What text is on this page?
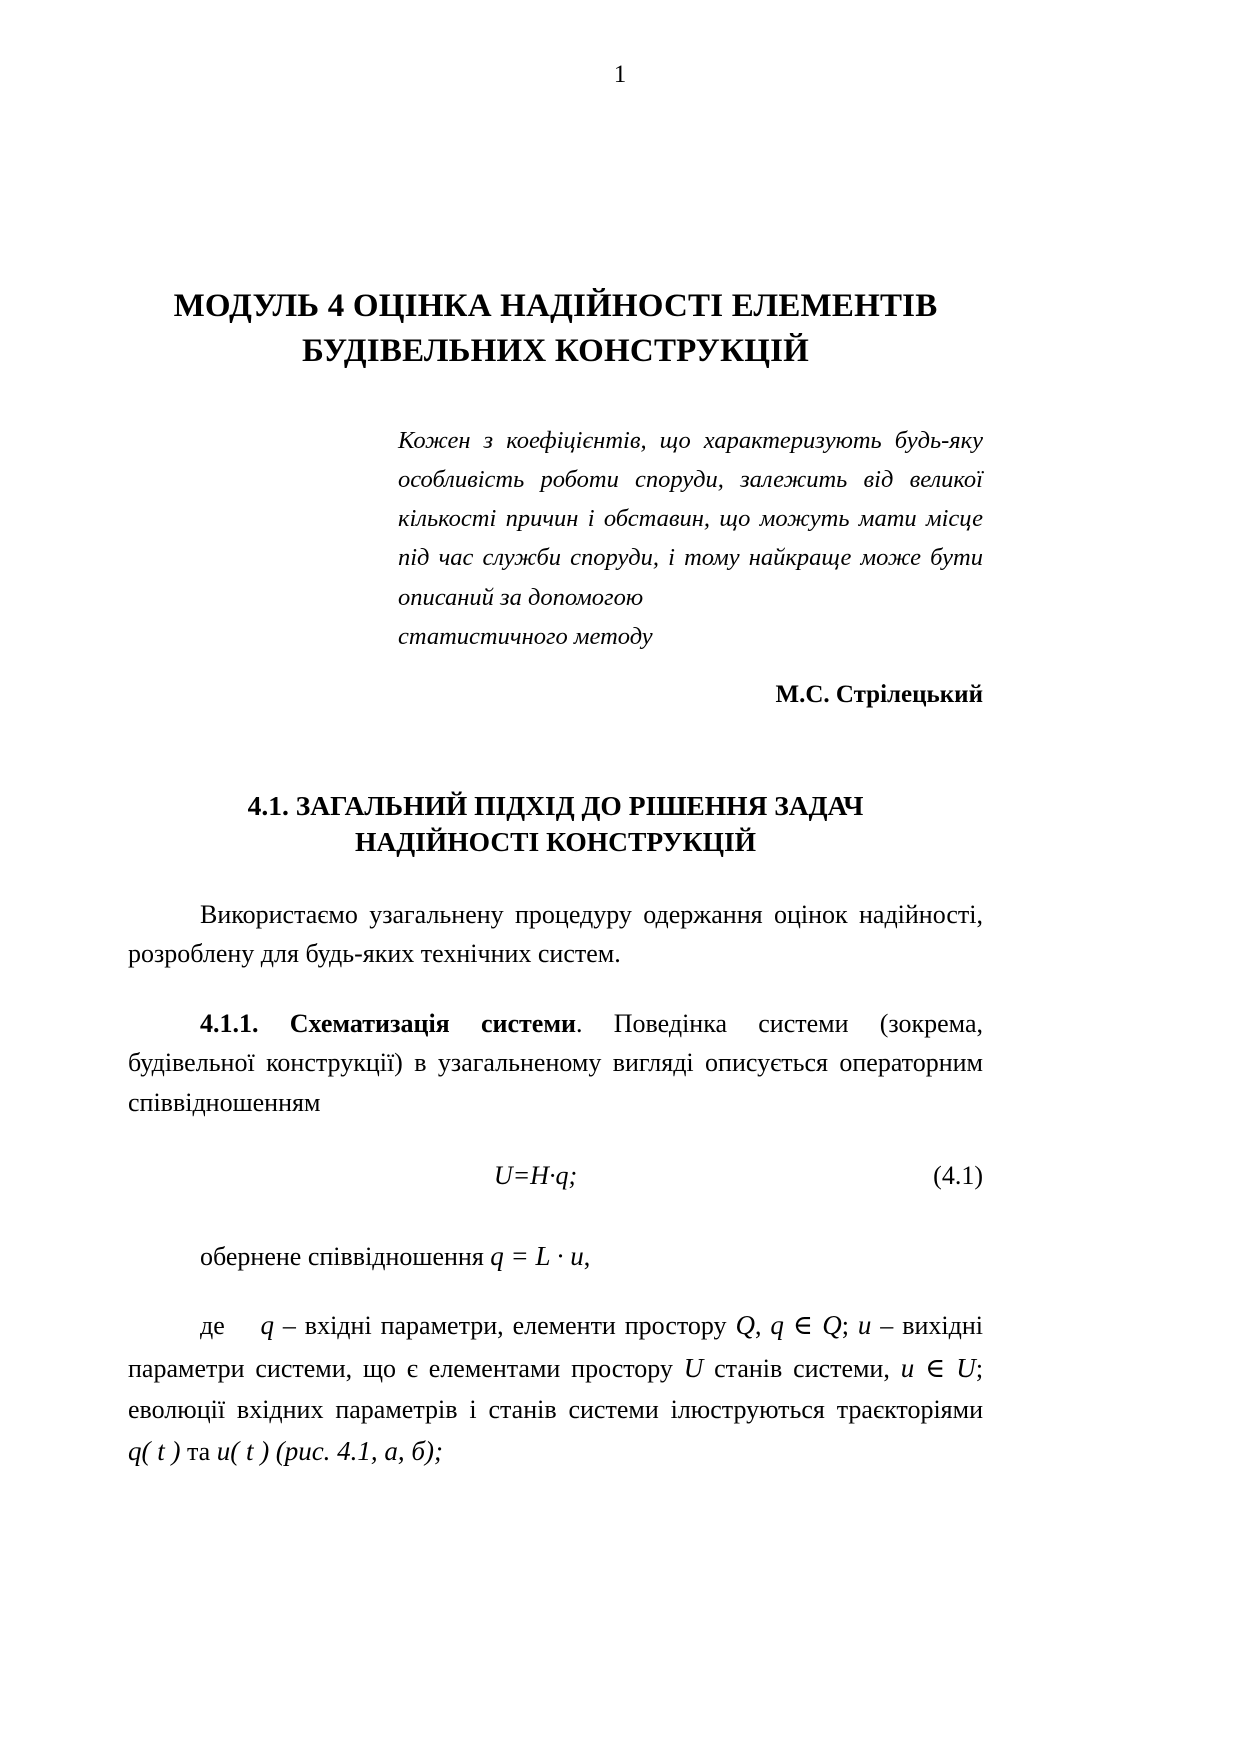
1
МОДУЛЬ 4 ОЦІНКА НАДІЙНОСТІ ЕЛЕМЕНТІВ
БУДІВЕЛЬНИХ КОНСТРУКЦІЙ

Кожен з коефіцієнтів, що характеризують будь-яку особливість роботи споруди, залежить від великої кількості причин і обставин, що можуть мати місце під час служби споруди, і тому найкраще може бути описаний за допомогою

статистичного методу

М.С. Стрілецький
4.1. ЗАГАЛЬНИЙ ПІДХІД ДО РІШЕННЯ ЗАДАЧ
НАДІЙНОСТІ КОНСТРУКЦІЙ

Використаємо узагальнену процедуру одержання оцінок надійності, розроблену для будь-яких технічних систем.

4.1.1. Схематизація системи. Поведінка системи (зокрема, будівельної конструкції) в узагальненому вигляді описується операторним співвідношенням

U=H·q;	(4.1)

обернене співвідношення q = L · u,

де q – вхідні параметри, елементи простору Q, q ∈ Q; u – вихідні параметри системи, що є елементами простору U станів системи, u ∈ U; еволюції вхідних параметрів і станів системи ілюструються траєкторіями q( t ) та u( t ) (рис. 4.1, а, б);
